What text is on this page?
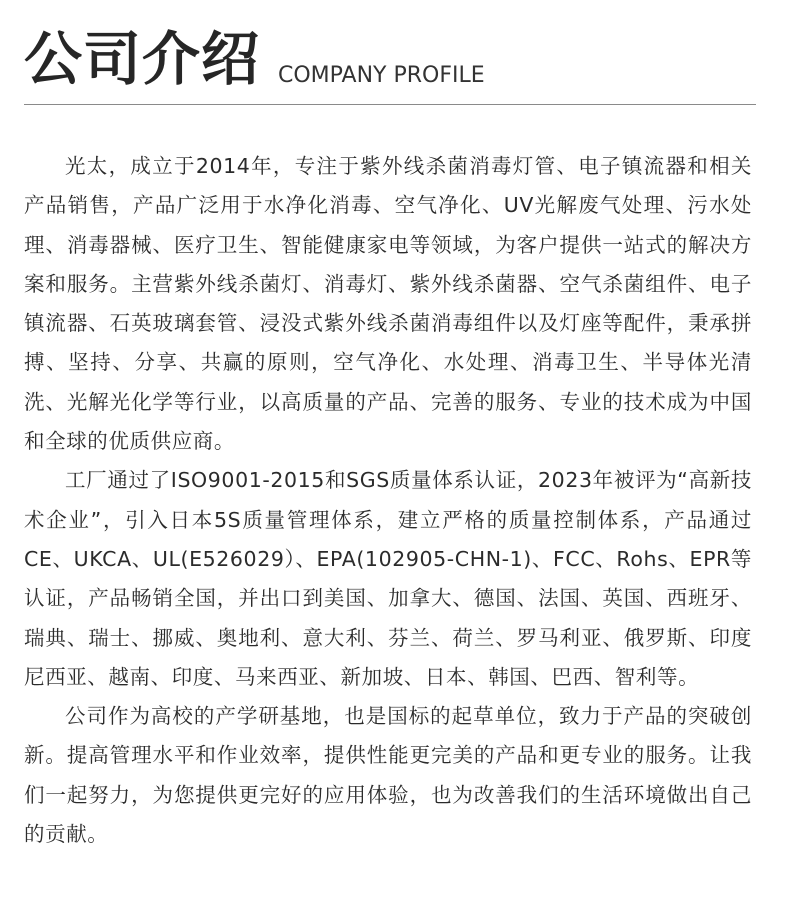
公司介绍 COMPANY PROFILE

光太，成立于2014年，专注于紫外线杀菌消毒灯管、电子镇流器和相关产品销售，产品广泛用于水净化消毒、空气净化、UV光解废气处理、污水处理、消毒器械、医疗卫生、智能健康家电等领域，为客户提供一站式的解决方案和服务。主营紫外线杀菌灯、消毒灯、紫外线杀菌器、空气杀菌组件、电子镇流器、石英玻璃套管、浸没式紫外线杀菌消毒组件以及灯座等配件，秉承拼搏、坚持、分享、共赢的原则，空气净化、水处理、消毒卫生、半导体光清洗、光解光化学等行业，以高质量的产品、完善的服务、专业的技术成为中国和全球的优质供应商。

工厂通过了ISO9001-2015和SGS质量体系认证，2023年被评为“高新技术企业”，引入日本5S质量管理体系，建立严格的质量控制体系，产品通过CE、UKCA、UL(E526029）、EPA(102905-CHN-1)、FCC、Rohs、EPR等认证，产品畅销全国，并出口到美国、加拿大、德国、法国、英国、西班牙、瑞典、瑞士、挪威、奥地利、意大利、芬兰、荷兰、罗马利亚、俄罗斯、印度尼西亚、越南、印度、马来西亚、新加坡、日本、韩国、巴西、智利等。

公司作为高校的产学研基地，也是国标的起草单位，致力于产品的突破创新。提高管理水平和作业效率，提供性能更完美的产品和更专业的服务。让我们一起努力，为您提供更完好的应用体验，也为改善我们的生活环境做出自己的贡献。
